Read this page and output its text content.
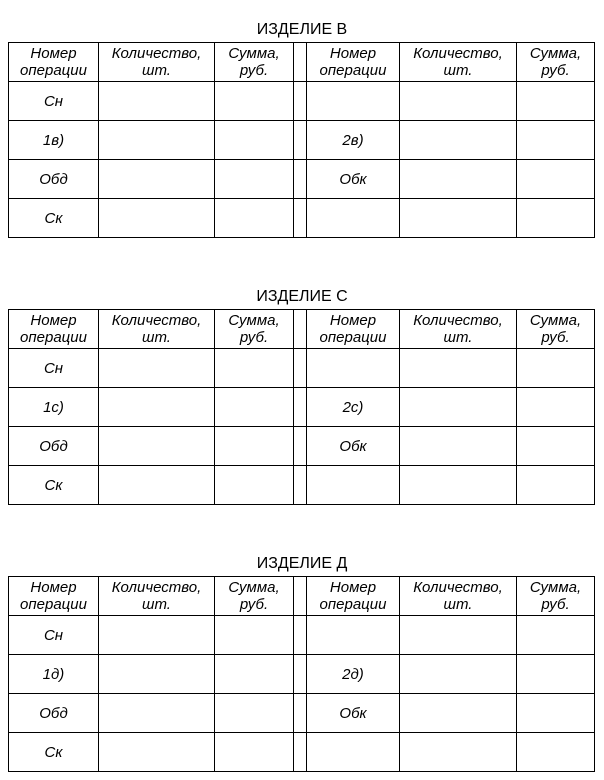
ИЗДЕЛИЕ В
Номер операции	Количество, шт.	Сумма, руб.		Номер операции	Количество, шт.	Сумма, руб.
Сн						
1в)				2в)		
Обд				Обк		
Ск						
ИЗДЕЛИЕ С
Номер операции	Количество, шт.	Сумма, руб.		Номер операции	Количество, шт.	Сумма, руб.
Сн						
1с)				2с)		
Обд				Обк		
Ск						
ИЗДЕЛИЕ Д
Номер операции	Количество, шт.	Сумма, руб.		Номер операции	Количество, шт.	Сумма, руб.
Сн						
1д)				2д)		
Обд				Обк		
Ск						
